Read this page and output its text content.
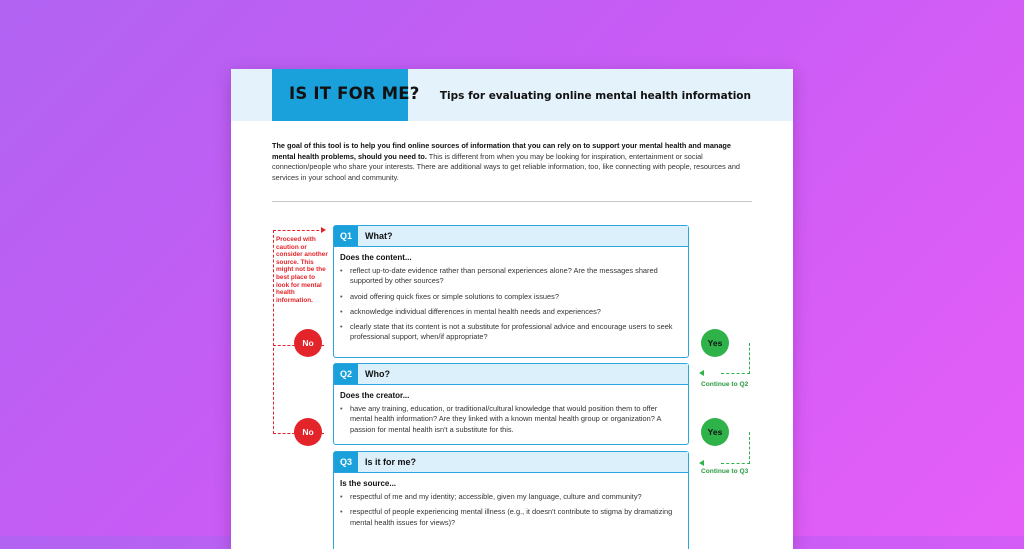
IS IT FOR ME? Tips for evaluating online mental health information
The goal of this tool is to help you find online sources of information that you can rely on to support your mental health and manage mental health problems, should you need to. This is different from when you may be looking for inspiration, entertainment or social connection/people who share your interests. There are additional ways to get reliable information, too, like connecting with people, resources and services in your school and community.
Proceed with caution or consider another source. This might not be the best place to look for mental health information.
No
No
Q1	What?
Does the content...
• reflect up-to-date evidence rather than personal experiences alone? Are the messages shared supported by other sources?
• avoid offering quick fixes or simple solutions to complex issues?
• acknowledge individual differences in mental health needs and experiences?
• clearly state that its content is not a substitute for professional advice and encourage users to seek professional support, when/if appropriate?
Q2	Who?
Does the creator...
• have any training, education, or traditional/cultural knowledge that would position them to offer mental health information? Are they linked with a known mental health group or organization? A passion for mental health isn't a substitute for this.
Q3	Is it for me?
Is the source...
• respectful of me and my identity; accessible, given my language, culture and community?
• respectful of people experiencing mental illness (e.g., it doesn't contribute to stigma by dramatizing mental health issues for views)?
Yes
Continue to Q2
Yes
Continue to Q3
